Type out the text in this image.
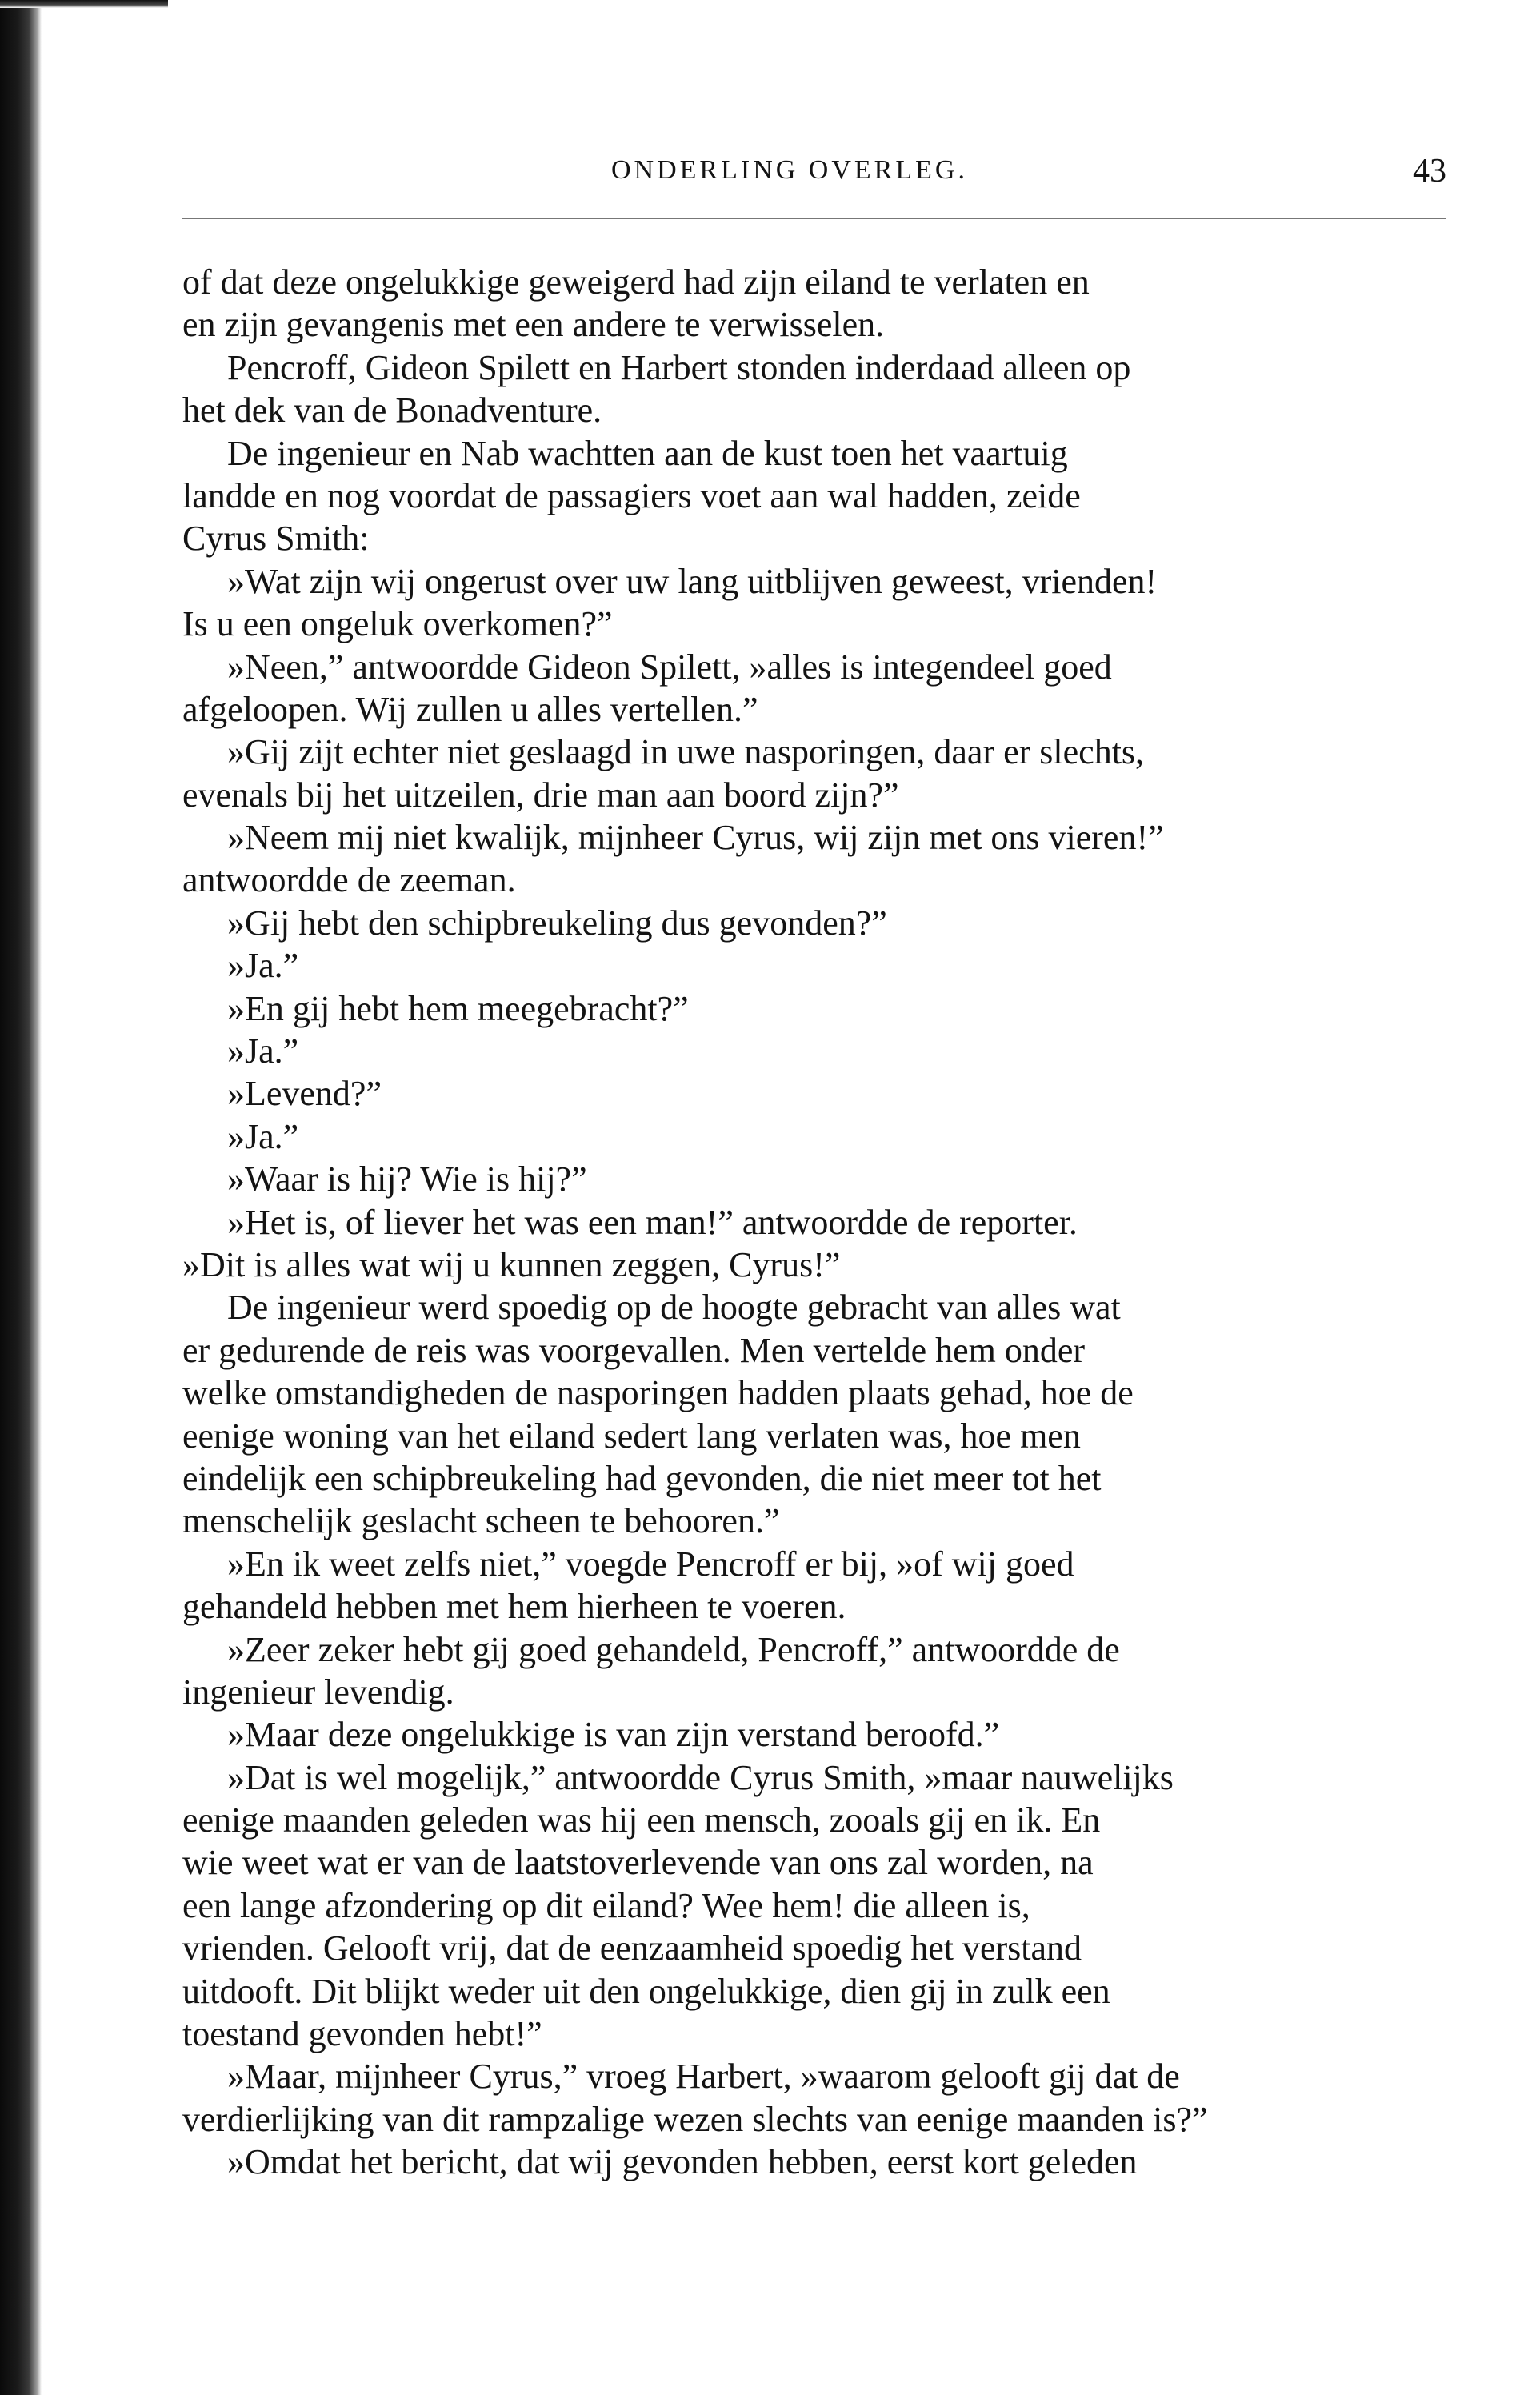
ONDERLING OVERLEG.	43
of dat deze ongelukkige geweigerd had zijn eiland te verlaten en
en zijn gevangenis met een andere te verwisselen.
Pencroff, Gideon Spilett en Harbert stonden inderdaad alleen op
het dek van de Bonadventure.
De ingenieur en Nab wachtten aan de kust toen het vaartuig
landde en nog voordat de passagiers voet aan wal hadden, zeide
Cyrus Smith:
»Wat zijn wij ongerust over uw lang uitblijven geweest, vrienden!
Is u een ongeluk overkomen?”
»Neen,” antwoordde Gideon Spilett, »alles is integendeel goed
afgeloopen. Wij zullen u alles vertellen.”
»Gij zijt echter niet geslaagd in uwe nasporingen, daar er slechts,
evenals bij het uitzeilen, drie man aan boord zijn?”
»Neem mij niet kwalijk, mijnheer Cyrus, wij zijn met ons vieren!”
antwoordde de zeeman.
»Gij hebt den schipbreukeling dus gevonden?”
»Ja.”
»En gij hebt hem meegebracht?”
»Ja.”
»Levend?”
»Ja.”
»Waar is hij? Wie is hij?”
»Het is, of liever het was een man!” antwoordde de reporter.
»Dit is alles wat wij u kunnen zeggen, Cyrus!”
De ingenieur werd spoedig op de hoogte gebracht van alles wat
er gedurende de reis was voorgevallen. Men vertelde hem onder
welke omstandigheden de nasporingen hadden plaats gehad, hoe de
eenige woning van het eiland sedert lang verlaten was, hoe men
eindelijk een schipbreukeling had gevonden, die niet meer tot het
menschelijk geslacht scheen te behooren.”
»En ik weet zelfs niet,” voegde Pencroff er bij, »of wij goed
gehandeld hebben met hem hierheen te voeren.
»Zeer zeker hebt gij goed gehandeld, Pencroff,” antwoordde de
ingenieur levendig.
»Maar deze ongelukkige is van zijn verstand beroofd.”
»Dat is wel mogelijk,” antwoordde Cyrus Smith, »maar nauwelijks
eenige maanden geleden was hij een mensch, zooals gij en ik. En
wie weet wat er van de laatstoverlevende van ons zal worden, na
een lange afzondering op dit eiland? Wee hem! die alleen is,
vrienden. Gelooft vrij, dat de eenzaamheid spoedig het verstand
uitdooft. Dit blijkt weder uit den ongelukkige, dien gij in zulk een
toestand gevonden hebt!”
»Maar, mijnheer Cyrus,” vroeg Harbert, »waarom gelooft gij dat de
verdierlijking van dit rampzalige wezen slechts van eenige maanden is?”
»Omdat het bericht, dat wij gevonden hebben, eerst kort geleden
